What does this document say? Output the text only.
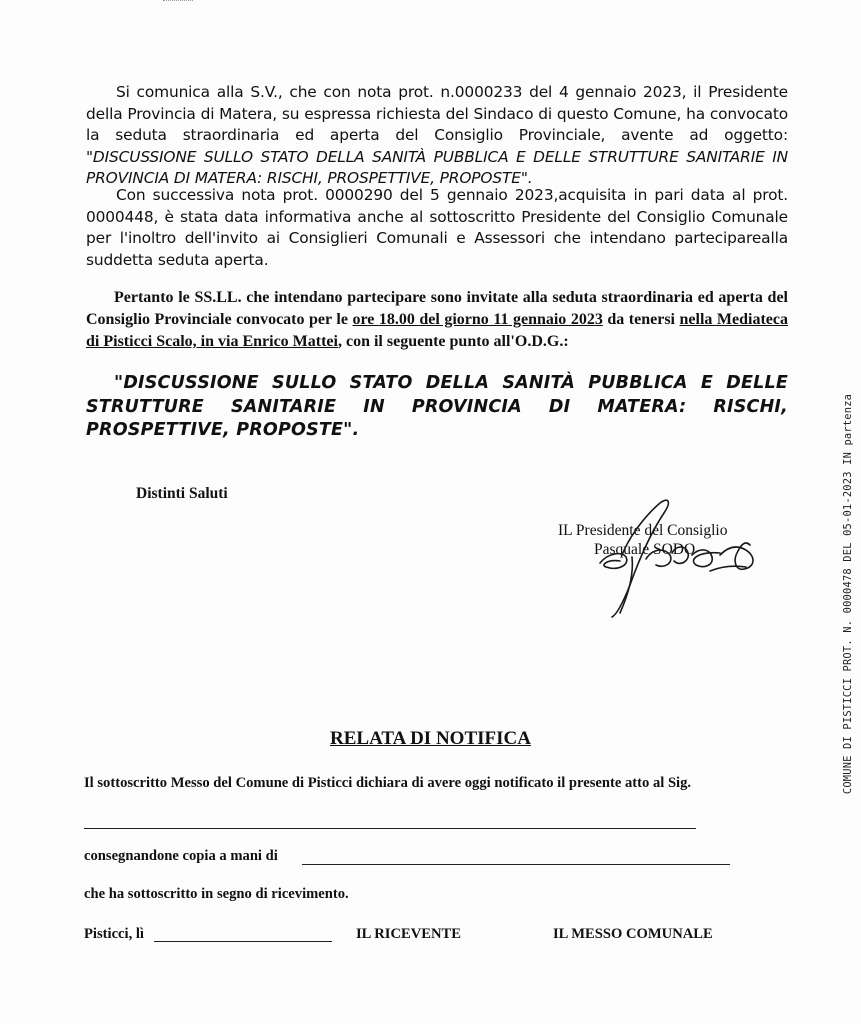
Si comunica alla S.V., che con nota prot. n.0000233 del 4 gennaio 2023, il Presidente della Provincia di Matera, su espressa richiesta del Sindaco di questo Comune, ha convocato la seduta straordinaria ed aperta del Consiglio Provinciale, avente ad oggetto: "DISCUSSIONE SULLO STATO DELLA SANITÀ PUBBLICA E DELLE STRUTTURE SANITARIE IN PROVINCIA DI MATERA: RISCHI, PROSPETTIVE, PROPOSTE".
Con successiva nota prot. 0000290 del 5 gennaio 2023,acquisita in pari data al prot. 0000448, è stata data informativa anche al sottoscritto Presidente del Consiglio Comunale per l'inoltro dell'invito ai Consiglieri Comunali e Assessori che intendano parteciparealla suddetta seduta aperta.
Pertanto le SS.LL. che intendano partecipare sono invitate alla seduta straordinaria ed aperta del Consiglio Provinciale convocato per le ore 18.00 del giorno 11 gennaio 2023 da tenersi nella Mediateca di Pisticci Scalo, in via Enrico Mattei, con il seguente punto all'O.D.G.:
"DISCUSSIONE SULLO STATO DELLA SANITÀ PUBBLICA E DELLE STRUTTURE SANITARIE IN PROVINCIA DI MATERA: RISCHI, PROSPETTIVE, PROPOSTE".
Distinti Saluti
IL Presidente del Consiglio
Pasquale SODO
RELATA DI NOTIFICA
Il sottoscritto Messo del Comune di Pisticci dichiara di avere oggi notificato il presente atto al Sig.
consegnandone copia a mani di
che ha sottoscritto in segno di ricevimento.
Pisticci, lì	IL RICEVENTE	IL MESSO COMUNALE
COMUNE DI PISTICCI PROT. N. 0000478 DEL 05-01-2023 IN partenza
